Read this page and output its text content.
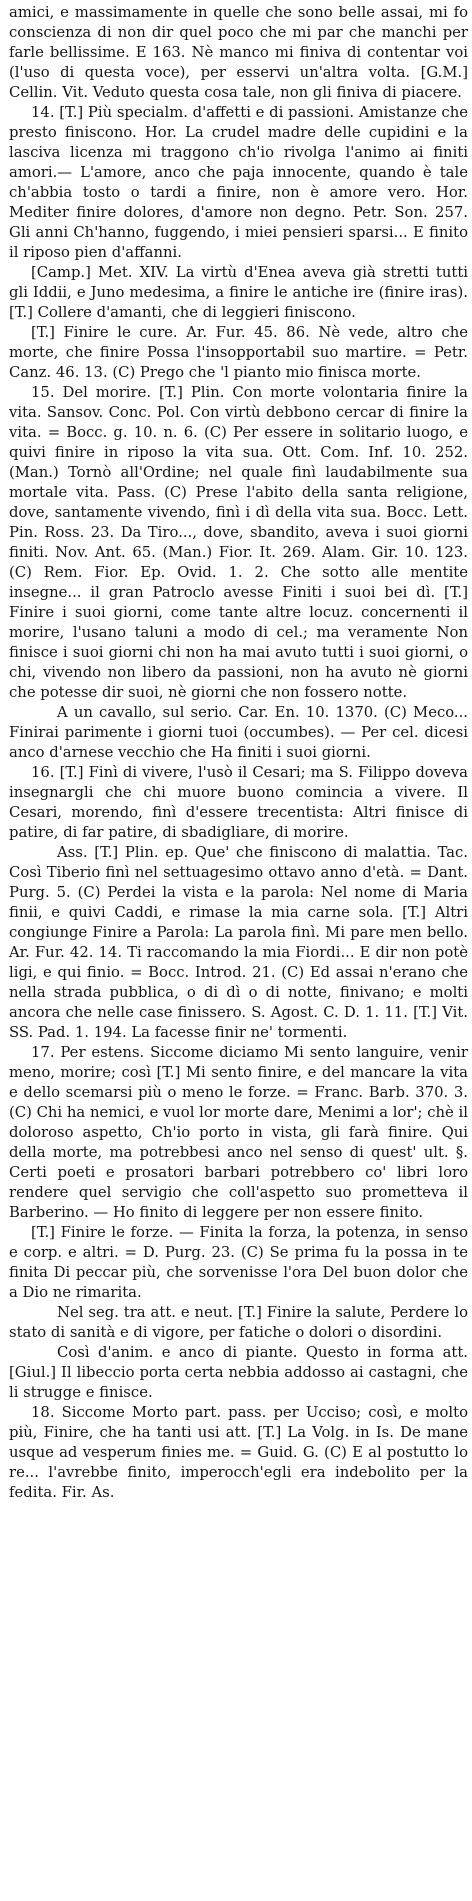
amici, e massimamente in quelle che sono belle assai, mi fo conscienza di non dir quel poco che mi par che manchi per farle bellissime. E 163. Nè manco mi finiva di contentar voi (l'uso di questa voce), per esservi un'altra volta. [G.M.] Cellin. Vit. Veduto questa cosa tale, non gli finiva di piacere.

14. [T.] Più specialm. d'affetti e di passioni. Amistanze che presto finiscono. Hor. La crudel madre delle cupidini e la lasciva licenza mi traggono ch'io rivolga l'animo ai finiti amori.— L'amore, anco che paja innocente, quando è tale ch'abbia tosto o tardi a finire, non è amore vero. Hor. Mediter finire dolores, d'amore non degno. Petr. Son. 257. Gli anni Ch'hanno, fuggendo, i miei pensieri sparsi... E finito il riposo pien d'affanni.

[Camp.] Met. XIV. La virtù d'Enea aveva già stretti tutti gli Iddii, e Juno medesima, a finire le antiche ire (finire iras). [T.] Collere d'amanti, che di leggieri finiscono.

[T.] Finire le cure. Ar. Fur. 45. 86. Nè vede, altro che morte, che finire Possa l'insopportabil suo martire. = Petr. Canz. 46. 13. (C) Prego che 'l pianto mio finisca morte.

15. Del morire. [T.] Plin. Con morte volontaria finire la vita. Sansov. Conc. Pol. Con virtù debbono cercar di finire la vita. = Bocc. g. 10. n. 6. (C) Per essere in solitario luogo, e quivi finire in riposo la vita sua. Ott. Com. Inf. 10. 252. (Man.) Tornò all'Ordine; nel quale finì laudabilmente sua mortale vita. Pass. (C) Prese l'abito della santa religione, dove, santamente vivendo, finì i dì della vita sua. Bocc. Lett. Pin. Ross. 23. Da Tiro..., dove, sbandito, aveva i suoi giorni finiti. Nov. Ant. 65. (Man.) Fior. It. 269. Alam. Gir. 10. 123. (C) Rem. Fior. Ep. Ovid. 1. 2. Che sotto alle mentite insegne... il gran Patroclo avesse Finiti i suoi bei dì. [T.] Finire i suoi giorni, come tante altre locuz. concernenti il morire, l'usano taluni a modo di cel.; ma veramente Non finisce i suoi giorni chi non ha mai avuto tutti i suoi giorni, o chi, vivendo non libero da passioni, non ha avuto nè giorni che potesse dir suoi, nè giorni che non fossero notte.

A un cavallo, sul serio. Car. En. 10. 1370. (C) Meco... Finirai parimente i giorni tuoi (occumbes). — Per cel. dicesi anco d'arnese vecchio che Ha finiti i suoi giorni.

16. [T.] Finì di vivere, l'usò il Cesari; ma S. Filippo doveva insegnargli che chi muore buono comincia a vivere. Il Cesari, morendo, finì d'essere trecentista: Altri finisce di patire, di far patire, di sbadigliare, di morire.

Ass. [T.] Plin. ep. Que' che finiscono di malattia. Tac. Così Tiberio finì nel settuagesimo ottavo anno d'età. = Dant. Purg. 5. (C) Perdei la vista e la parola: Nel nome di Maria finii, e quivi Caddi, e rimase la mia carne sola. [T.] Altri congiunge Finire a Parola: La parola finì. Mi pare men bello. Ar. Fur. 42. 14. Ti raccomando la mia Fiordi... E dir non potè ligi, e qui finio. = Bocc. Introd. 21. (C) Ed assai n'erano che nella strada pubblica, o di dì o di notte, finivano; e molti ancora che nelle case finissero. S. Agost. C. D. 1. 11. [T.] Vit. SS. Pad. 1. 194. La facesse finir ne' tormenti.

17. Per estens. Siccome diciamo Mi sento languire, venir meno, morire; così [T.] Mi sento finire, e del mancare la vita e dello scemarsi più o meno le forze. = Franc. Barb. 370. 3. (C) Chi ha nemici, e vuol lor morte dare, Menimi a lor'; chè il doloroso aspetto, Ch'io porto in vista, gli farà finire. Qui della morte, ma potrebbesi anco nel senso di quest' ult. §. Certi poeti e prosatori barbari potrebbero co' libri loro rendere quel servigio che coll'aspetto suo prometteva il Barberino. — Ho finito di leggere per non essere finito.

[T.] Finire le forze. — Finita la forza, la potenza, in senso e corp. e altri. = D. Purg. 23. (C) Se prima fu la possa in te finita Di peccar più, che sorvenisse l'ora Del buon dolor che a Dio ne rimarita.

Nel seg. tra att. e neut. [T.] Finire la salute, Perdere lo stato di sanità e di vigore, per fatiche o dolori o disordini.

Così d'anim. e anco di piante. Questo in forma att. [Giul.] Il libeccio porta certa nebbia addosso ai castagni, che li strugge e finisce.

18. Siccome Morto part. pass. per Ucciso; così, e molto più, Finire, che ha tanti usi att. [T.] La Volg. in Is. De mane usque ad vesperum finies me. = Guid. G. (C) E al postutto lo re... l'avrebbe finito, imperocch'egli era indebolito per la fedita. Fir. As.
